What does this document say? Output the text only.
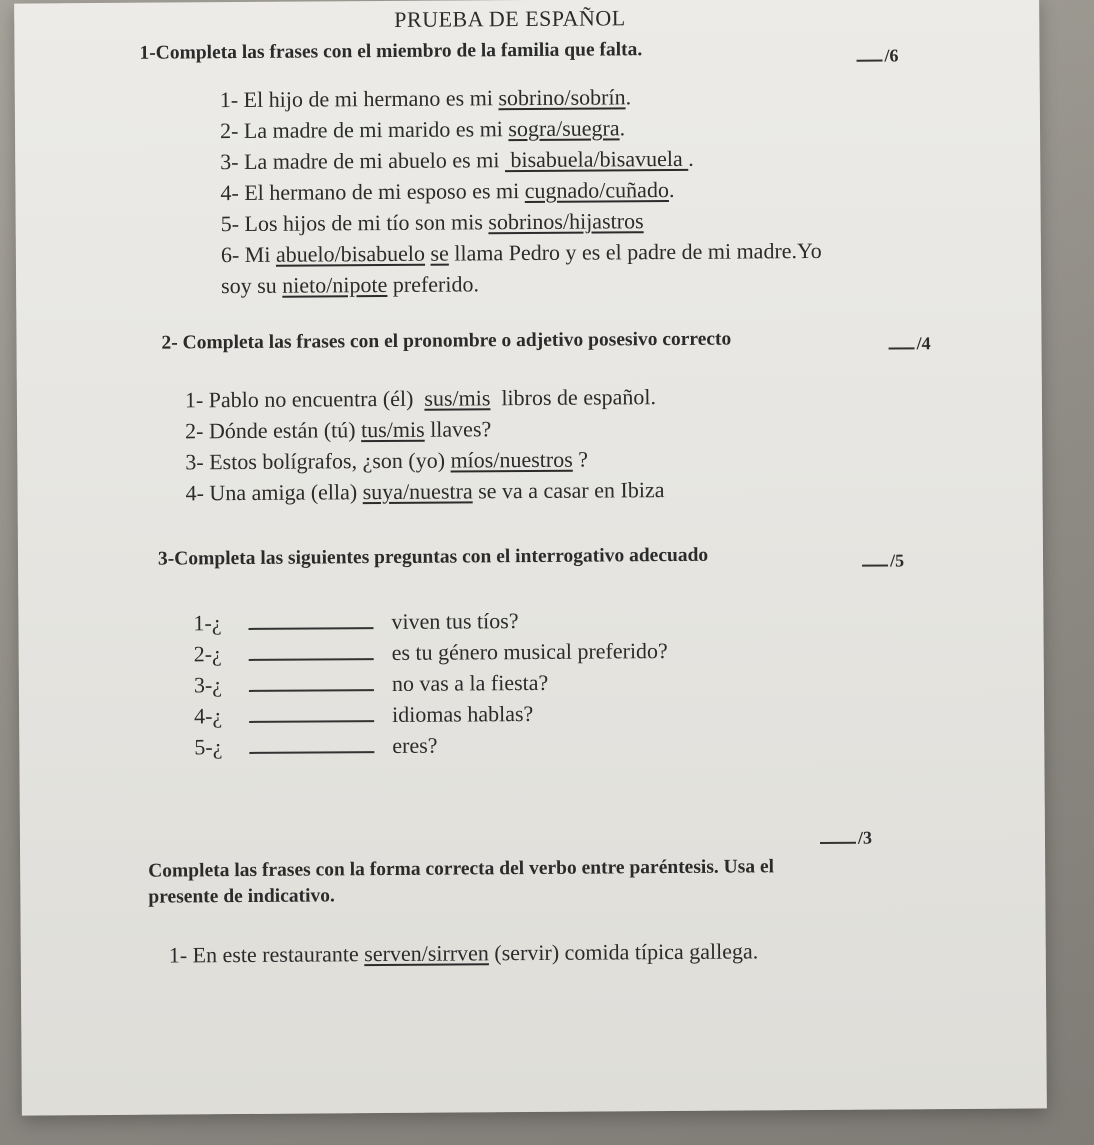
PRUEBA DE ESPAÑOL
1-Completa las frases con el miembro de la familia que falta.	/6
1- El hijo de mi hermano es mi sobrino/sobrín.
2- La madre de mi marido es mi sogra/suegra.
3- La madre de mi abuelo es mi  bisabuela/bisavuela .
4- El hermano de mi esposo es mi cugnado/cuñado.
5- Los hijos de mi tío son mis sobrinos/hijastros
6- Mi abuelo/bisabuelo se llama Pedro y es el padre de mi madre.Yo
soy su nieto/nipote preferido.
2- Completa las frases con el pronombre o adjetivo posesivo correcto	/4
1- Pablo no encuentra (él)  sus/mis  libros de español.
2- Dónde están (tú) tus/mis llaves?
3- Estos bolígrafos, ¿son (yo) míos/nuestros ?
4- Una amiga (ella) suya/nuestra se va a casar en Ibiza
3-Completa las siguientes preguntas con el interrogativo adecuado	/5
1-¿	viven tus tíos?
2-¿	es tu género musical preferido?
3-¿	no vas a la fiesta?
4-¿	idiomas hablas?
5-¿	eres?
/3
Completa las frases con la forma correcta del verbo entre paréntesis. Usa el
presente de indicativo.
1- En este restaurante serven/sirrven (servir) comida típica gallega.
